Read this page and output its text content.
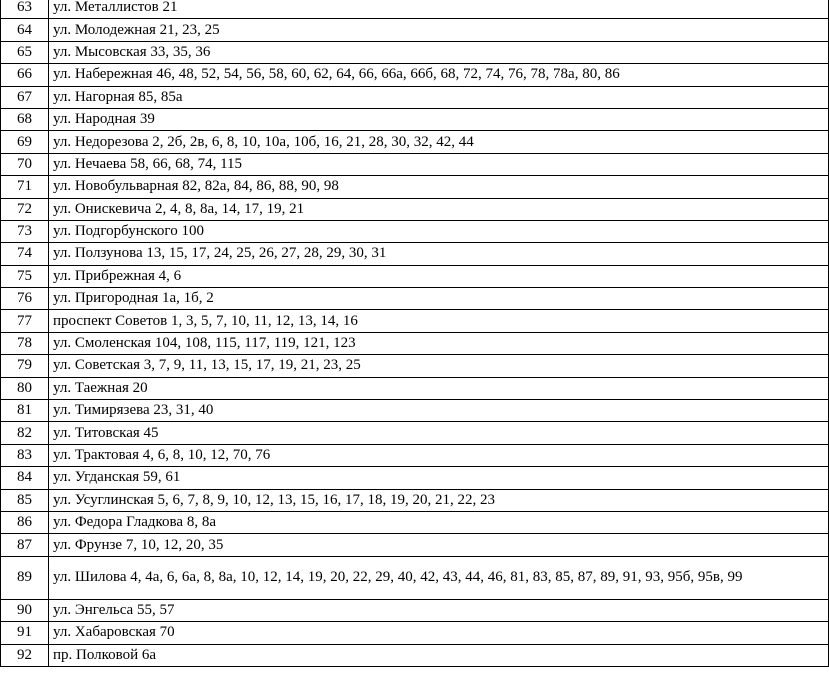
63	ул. Металлистов 21
64	ул. Молодежная 21, 23, 25
65	ул. Мысовская 33, 35, 36
66	ул. Набережная 46, 48, 52, 54, 56, 58, 60, 62, 64, 66, 66а, 66б, 68, 72, 74, 76, 78, 78а, 80, 86
67	ул. Нагорная 85, 85а
68	ул. Народная 39
69	ул. Недорезова 2, 2б, 2в, 6, 8, 10, 10а, 10б, 16, 21, 28, 30, 32, 42, 44
70	ул. Нечаева 58, 66, 68, 74, 115
71	ул. Новобульварная 82, 82а, 84, 86, 88, 90, 98
72	ул. Онискевича 2, 4, 8, 8а, 14, 17, 19, 21
73	ул. Подгорбунского 100
74	ул. Ползунова 13, 15, 17, 24, 25, 26, 27, 28, 29, 30, 31
75	ул. Прибрежная 4, 6
76	ул. Пригородная 1а, 1б, 2
77	проспект Советов 1, 3, 5, 7, 10, 11, 12, 13, 14, 16
78	ул. Смоленская 104, 108, 115, 117, 119, 121, 123
79	ул. Советская 3, 7, 9, 11, 13, 15, 17, 19, 21, 23, 25
80	ул. Таежная 20
81	ул. Тимирязева 23, 31, 40
82	ул. Титовская 45
83	ул. Трактовая 4, 6, 8, 10, 12, 70, 76
84	ул. Угданская 59, 61
85	ул. Усуглинская 5, 6, 7, 8, 9, 10, 12, 13, 15, 16, 17, 18, 19, 20, 21, 22, 23
86	ул. Федора Гладкова 8, 8а
87	ул. Фрунзе 7, 10, 12, 20, 35
89	ул. Шилова 4, 4а, 6, 6а, 8, 8а, 10, 12, 14, 19, 20, 22, 29, 40, 42, 43, 44, 46, 81, 83, 85, 87, 89, 91, 93, 95б, 95в, 99
90	ул. Энгельса 55, 57
91	ул. Хабаровская 70
92	пр. Полковой 6а
